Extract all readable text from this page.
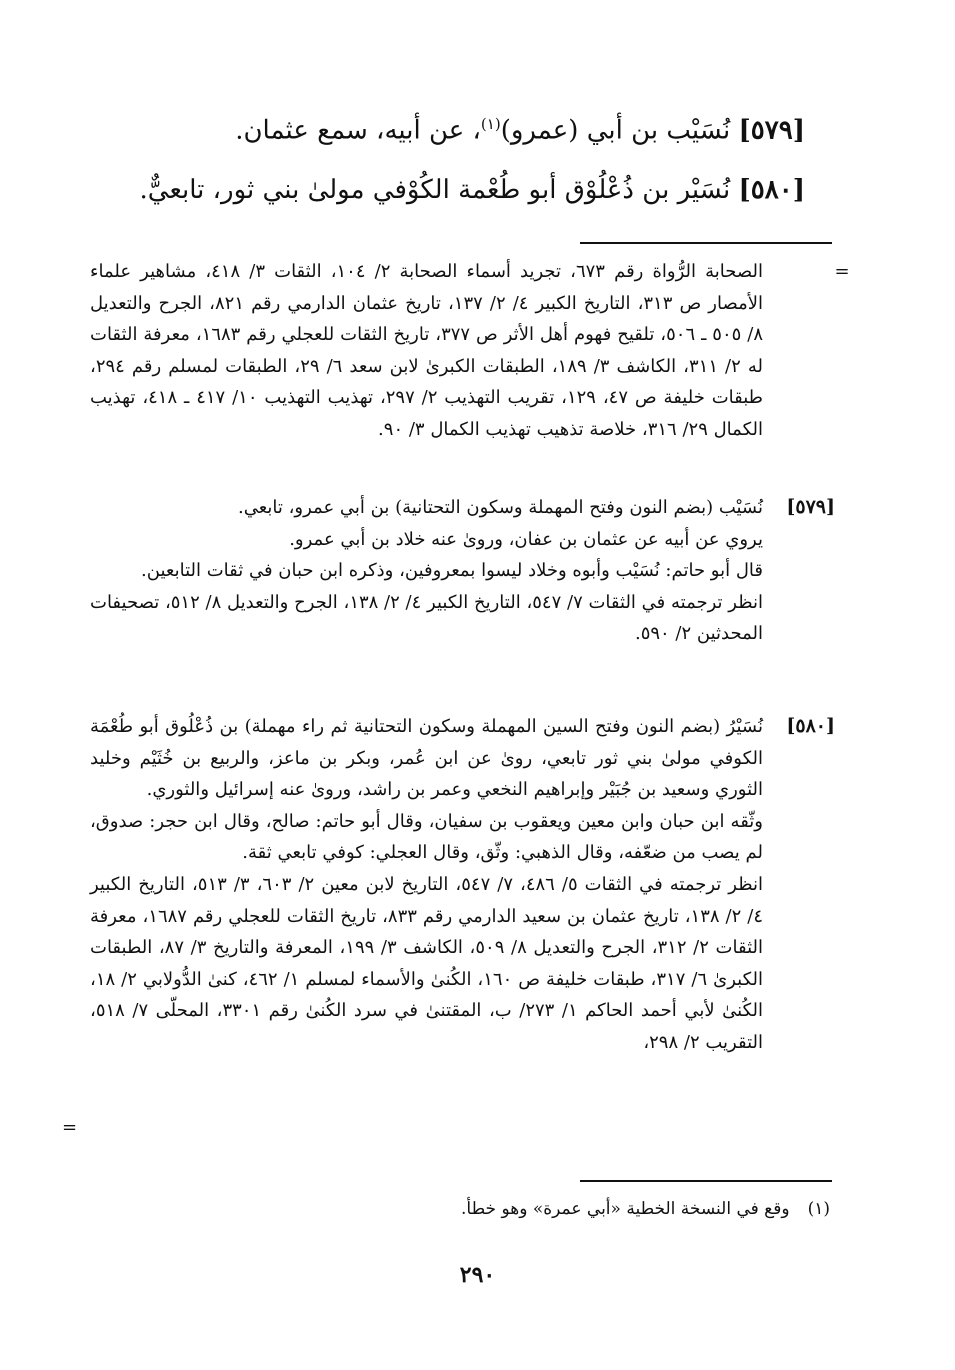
[٥٧٩] نُسَيْب بن أبي (عمرو)$^{(١)}$، عن أبيه، سمع عثمان.
[٥٨٠] نُسَيْر بن ذُعْلُوْق أبو طُعْمة الكُوْفي مولىٰ بني ثور، تابعيٌّ.
=

الصحابة الرُّواة رقم ٦٧٣، تجريد أسماء الصحابة ٢/ ١٠٤، الثقات ٣/ ٤١٨، مشاهير علماء الأمصار ص ٣١٣، التاريخ الكبير ٤/ ٢/ ١٣٧، تاريخ عثمان الدارمي رقم ٨٢١، الجرح والتعديل ٨/ ٥٠٥ ـ ٥٠٦، تلقيح فهوم أهل الأثر ص ٣٧٧، تاريخ الثقات للعجلي رقم ١٦٨٣، معرفة الثقات له ٢/ ٣١١، الكاشف ٣/ ١٨٩، الطبقات الكبرىٰ لابن سعد ٦/ ٢٩، الطبقات لمسلم رقم ٢٩٤، طبقات خليفة ص ٤٧، ١٢٩، تقريب التهذيب ٢/ ٢٩٧، تهذيب التهذيب ١٠/ ٤١٧ ـ ٤١٨، تهذيب الكمال ٢٩/ ٣١٦، خلاصة تذهيب تهذيب الكمال ٣/ ٩٠.

[٥٧٩]

نُسَيْب (بضم النون وفتح المهملة وسكون التحتانية) بن أبي عمرو، تابعي.

يروي عن أبيه عن عثمان بن عفان، وروىٰ عنه خلاد بن أبي عمرو.

قال أبو حاتم: نُسَيْب وأبوه وخلاد ليسوا بمعروفين، وذكره ابن حبان في ثقات التابعين.

انظر ترجمته في الثقات ٧/ ٥٤٧، التاريخ الكبير ٤/ ٢/ ١٣٨، الجرح والتعديل ٨/ ٥١٢، تصحيفات المحدثين ٢/ ٥٩٠.

[٥٨٠]

نُسَيْرُ (بضم النون وفتح السين المهملة وسكون التحتانية ثم راء مهملة) بن ذُعْلُوق أبو طُعْمَة الكوفي مولىٰ بني ثور تابعي، روىٰ عن ابن عُمر، وبكر بن ماعز، والربيع بن خُثَيْم وخليد الثوري وسعيد بن جُبَيْر وإبراهيم النخعي وعمر بن راشد، وروىٰ عنه إسرائيل والثوري.

وثّقه ابن حبان وابن معين ويعقوب بن سفيان، وقال أبو حاتم: صالح، وقال ابن حجر: صدوق، لم يصب من ضعّفه، وقال الذهبي: وثّق، وقال العجلي: كوفي تابعي ثقة.

انظر ترجمته في الثقات ٥/ ٤٨٦، ٧/ ٥٤٧، التاريخ لابن معين ٢/ ٦٠٣، ٣/ ٥١٣، التاريخ الكبير ٤/ ٢/ ١٣٨، تاريخ عثمان بن سعيد الدارمي رقم ٨٣٣، تاريخ الثقات للعجلي رقم ١٦٨٧، معرفة الثقات ٢/ ٣١٢، الجرح والتعديل ٨/ ٥٠٩، الكاشف ٣/ ١٩٩، المعرفة والتاريخ ٣/ ٨٧، الطبقات الكبرىٰ ٦/ ٣١٧، طبقات خليفة ص ١٦٠، الكُنىٰ والأسماء لمسلم ١/ ٤٦٢، كنىٰ الدُّولابي ٢/ ١٨، الكُنىٰ لأبي أحمد الحاكم ١/ ٢٧٣/ ب، المقتنىٰ في سرد الكُنىٰ رقم ٣٣٠١، المحلّى ٧/ ٥١٨، التقريب ٢/ ٢٩٨،

=
(١)وقع في النسخة الخطية «أبي عمرة» وهو خطأ.
٢٩٠
